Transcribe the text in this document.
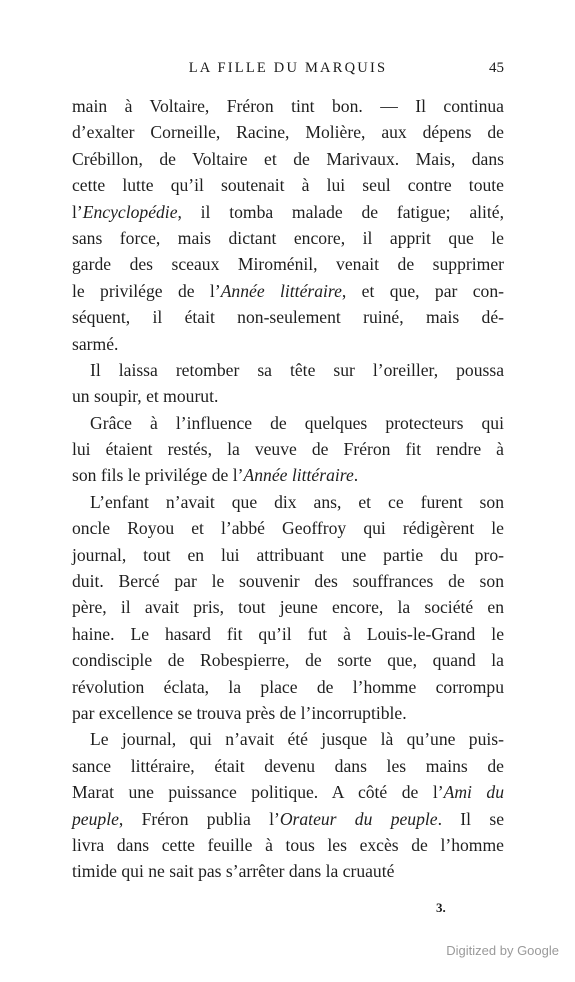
LA FILLE DU MARQUIS	45
main à Voltaire, Fréron tint bon. — Il continua
d’exalter Corneille, Racine, Molière, aux dépens de
Crébillon, de Voltaire et de Marivaux. Mais, dans
cette lutte qu’il soutenait à lui seul contre toute
l’Encyclopédie, il tomba malade de fatigue; alité,
sans force, mais dictant encore, il apprit que le
garde des sceaux Miroménil, venait de supprimer
le privilége de l’Année littéraire, et que, par con-
séquent, il était non-seulement ruiné, mais dé-
sarmé.
Il laissa retomber sa tête sur l’oreiller, poussa
un soupir, et mourut.
Grâce à l’influence de quelques protecteurs qui
lui étaient restés, la veuve de Fréron fit rendre à
son fils le privilége de l’Année littéraire.
L’enfant n’avait que dix ans, et ce furent son
oncle Royou et l’abbé Geoffroy qui rédigèrent le
journal, tout en lui attribuant une partie du pro-
duit. Bercé par le souvenir des souffrances de son
père, il avait pris, tout jeune encore, la société en
haine. Le hasard fit qu’il fut à Louis-le-Grand le
condisciple de Robespierre, de sorte que, quand la
révolution éclata, la place de l’homme corrompu
par excellence se trouva près de l’incorruptible.
Le journal, qui n’avait été jusque là qu’une puis-
sance littéraire, était devenu dans les mains de
Marat une puissance politique. A côté de l’Ami du
peuple, Fréron publia l’Orateur du peuple. Il se
livra dans cette feuille à tous les excès de l’homme
timide qui ne sait pas s’arrêter dans la cruauté
3.
Digitized by Google
